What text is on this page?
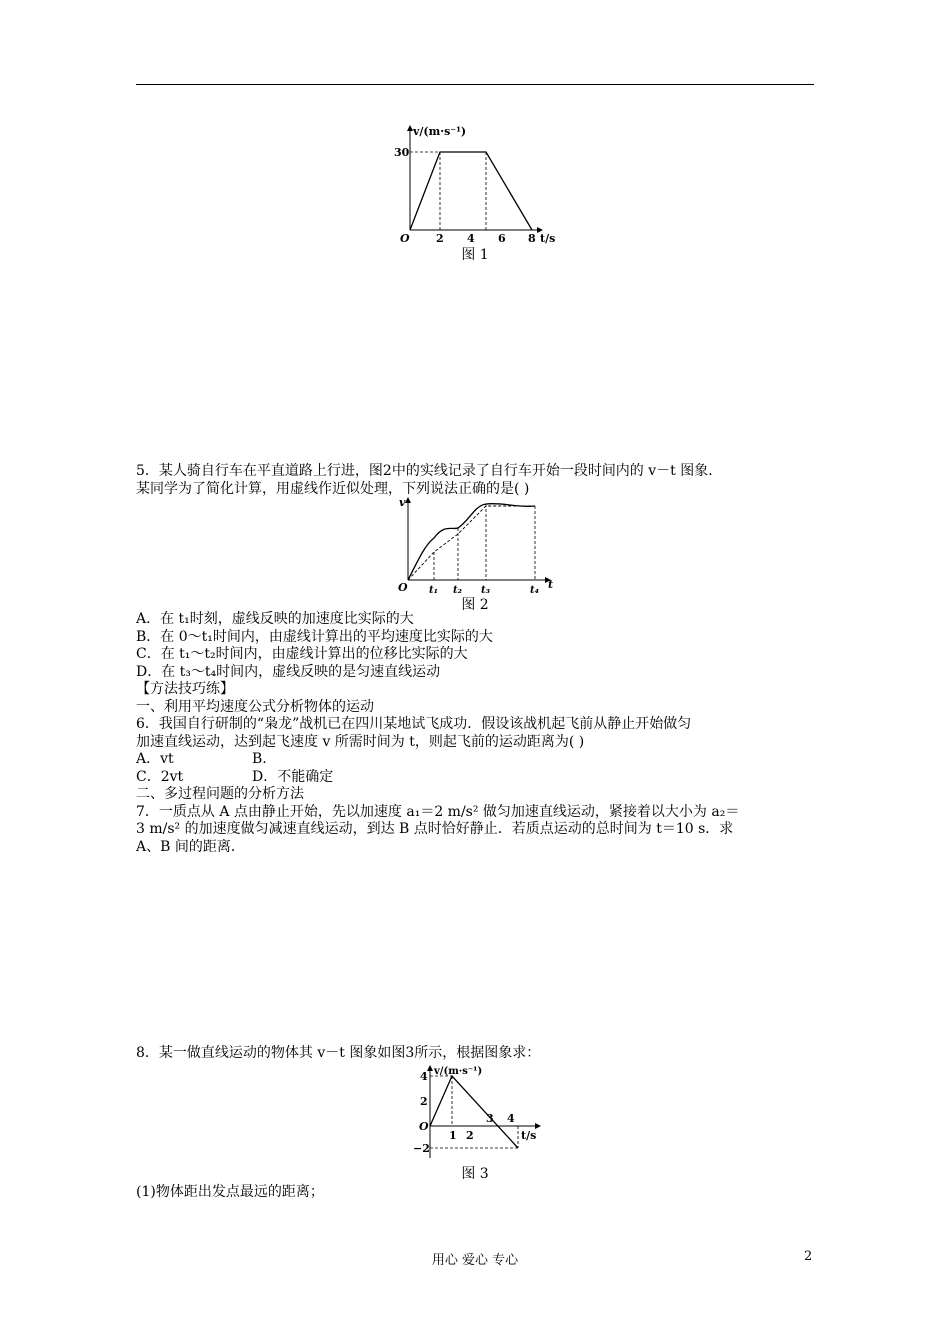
v/(m·s⁻¹)
30
O 2 4 6 8 t/s
图 1

5．某人骑自行车在平直道路上行进，图2中的实线记录了自行车开始一段时间内的 v－t 图象．

某同学为了简化计算，用虚线作近似处理，下列说法正确的是( )

v
O t₁ t₂ t₃	t₄ t
图 2

A．在 t₁时刻，虚线反映的加速度比实际的大

B．在 0～t₁时间内，由虚线计算出的平均速度比实际的大

C．在 t₁～t₂时间内，由虚线计算出的位移比实际的大

D．在 t₃～t₄时间内，虚线反映的是匀速直线运动

【方法技巧练】

一、利用平均速度公式分析物体的运动

6．我国自行研制的“枭龙”战机已在四川某地试飞成功．假设该战机起飞前从静止开始做匀

加速直线运动，达到起飞速度 v 所需时间为 t，则起飞前的运动距离为( )

A．vt	B.

C．2vt	D．不能确定

二、多过程问题的分析方法

7．一质点从 A 点由静止开始，先以加速度 a₁＝2 m/s² 做匀加速直线运动，紧接着以大小为 a₂＝

3 m/s² 的加速度做匀减速直线运动，到达 B 点时恰好静止．若质点运动的总时间为 t＝10 s．求

A、B 间的距离．

8．某一做直线运动的物体其 v－t 图象如图3所示，根据图象求：

v/(m·s⁻¹)
4
2
−2
O
1 2
3 4
t/s
图 3

(1)物体距出发点最远的距离；

用心 爱心 专心	2
